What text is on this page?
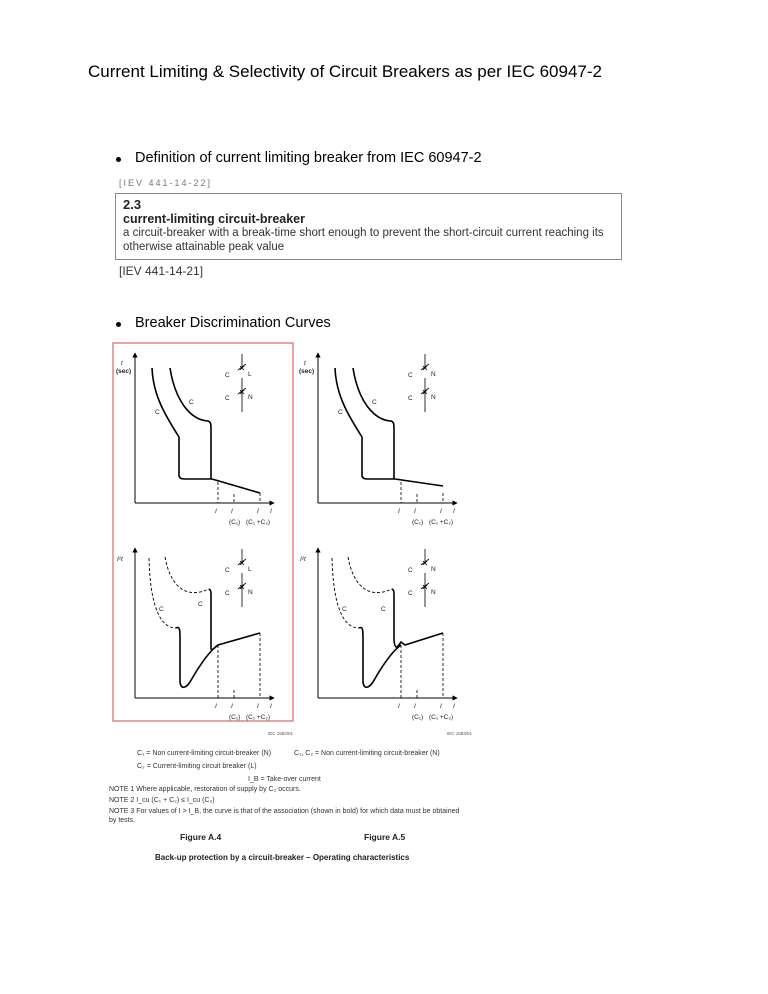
Current Limiting & Selectivity of Circuit Breakers as per IEC 60947-2
Definition of current limiting breaker from IEC 60947-2
[IEV 441-14-22]
2.3
current-limiting circuit-breaker
a circuit-breaker with a break-time short enough to prevent the short-circuit current reaching its
otherwise attainable peak value
[IEV 441-14-21]
Breaker Discrimination Curves
t
(sec)
t
(sec)
I²t	I²t
C	L
C	N
C	N
C	N
C	L
C	N
C	N
C	N
C
C
C
C
C
C
C	C
I I	I I
(C₁) (C₁ +C₂)
I I	I I
(C₁) (C₁ +C₂)
I I	I I
(C₁) (C₁ +C₂)
I I	I I
(C₁) (C₁ +C₂)
IEC 1582/01	IEC 1583/01
C₁ = Non current-limiting circuit-breaker (N)	C₁, C₂ = Non current-limiting circuit-breaker (N)
C₂ = Current-limiting circuit breaker (L)
I_B = Take-over current
NOTE 1 Where applicable, restoration of supply by C₂ occurs.
NOTE 2 I_cu (C₁ + C₂) ≤ I_cu (C₂)
NOTE 3 For values of I > I_B, the curve is that of the association (shown in bold) for which data must be obtained
by tests.
Figure A.4	Figure A.5
Back-up protection by a circuit-breaker – Operating characteristics
